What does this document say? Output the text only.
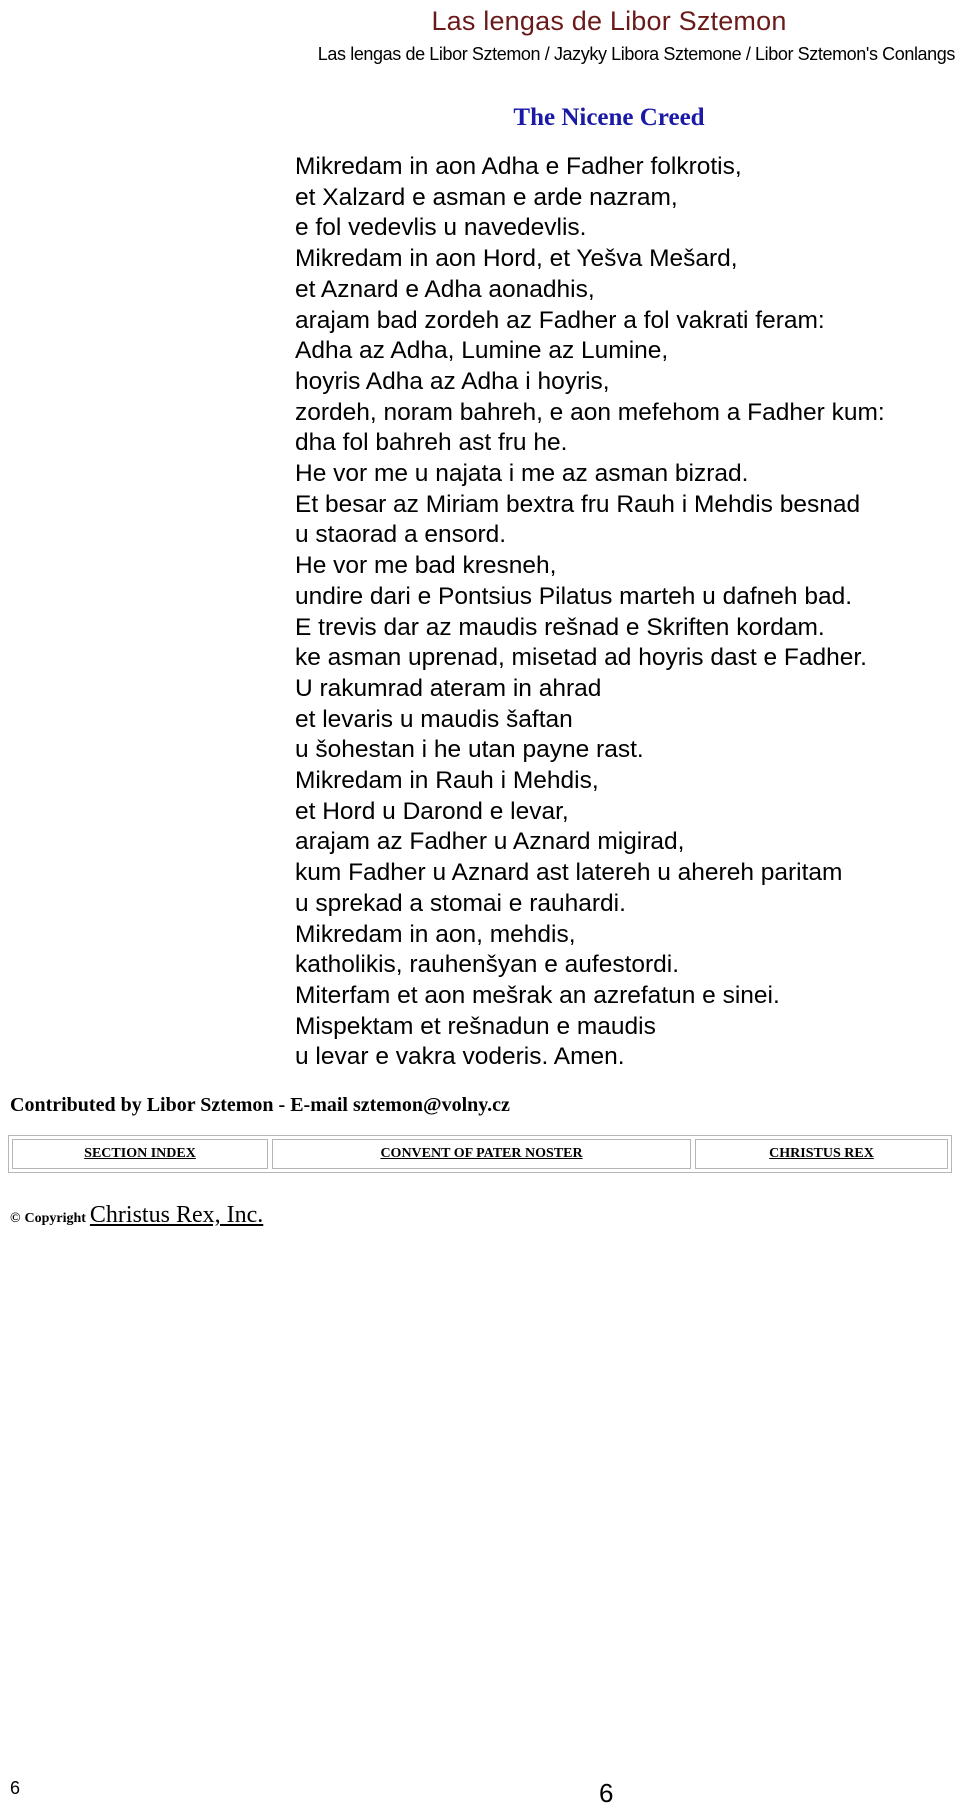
Las lengas de Libor Sztemon
Las lengas de Libor Sztemon / Jazyky Libora Sztemone / Libor Sztemon's Conlangs
The Nicene Creed
Mikredam in aon Adha e Fadher folkrotis,
et Xalzard e asman e arde nazram,
e fol vedevlis u navedevlis.
Mikredam in aon Hord, et Yešva Mešard,
et Aznard e Adha aonadhis,
arajam bad zordeh az Fadher a fol vakrati feram:
Adha az Adha, Lumine az Lumine,
hoyris Adha az Adha i hoyris,
zordeh, noram bahreh, e aon mefehom a Fadher kum:
dha fol bahreh ast fru he.
He vor me u najata i me az asman bizrad.
Et besar az Miriam bextra fru Rauh i Mehdis besnad
u staorad a ensord.
He vor me bad kresneh,
undire dari e Pontsius Pilatus marteh u dafneh bad.
E trevis dar az maudis rešnad e Skriften kordam.
ke asman uprenad, misetad ad hoyris dast e Fadher.
U rakumrad ateram in ahrad
et levaris u maudis šaftan
u šohestan i he utan payne rast.
Mikredam in Rauh i Mehdis,
et Hord u Darond e levar,
arajam az Fadher u Aznard migirad,
kum Fadher u Aznard ast latereh u ahereh paritam
u sprekad a stomai e rauhardi.
Mikredam in aon, mehdis,
katholikis, rauhenšyan e aufestordi.
Miterfam et aon mešrak an azrefatun e sinei.
Mispektam et rešnadun e maudis
u levar e vakra voderis. Amen.
Contributed by Libor Sztemon - E-mail sztemon@volny.cz
SECTION INDEX	CONVENT OF PATER NOSTER	CHRISTUS REX
© Copyright Christus Rex, Inc.
6	6
